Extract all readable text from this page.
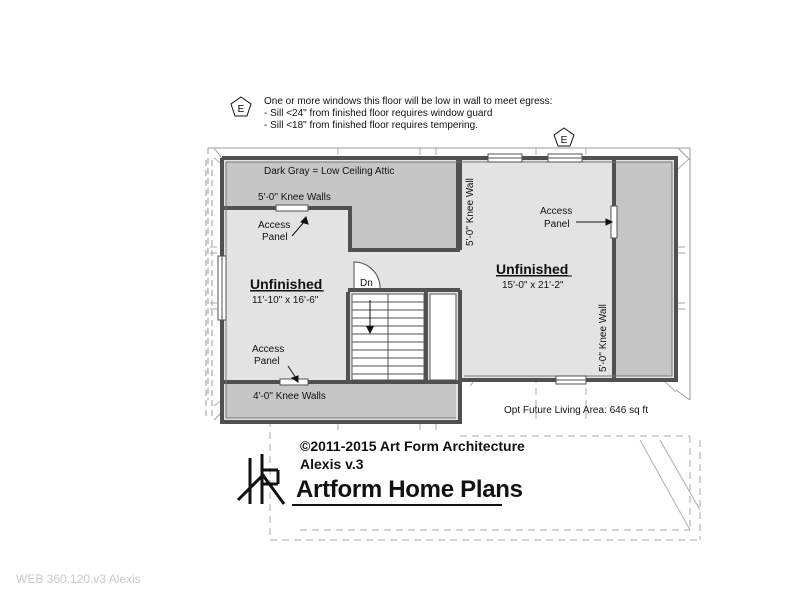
E
One or more windows this floor will be low in wall to meet egress:
- Sill <24" from finished floor requires window guard
- Sill <18" from finished floor requires tempering.
Dn
E
Dark Gray = Low Ceiling Attic
5'-0" Knee Walls
4'-0" Knee Walls
Access
Panel
Access
Panel
Access
Panel
Unfinished
11'-10" x 16'-6"
Unfinished
15'-0" x 21'-2"
5'-0" Knee Wall
5'-0" Knee Wall
Opt Future Living Area: 646 sq ft
©2011-2015 Art Form Architecture
Alexis v.3
Artform Home Plans
WEB 360.120.v3 Alexis
